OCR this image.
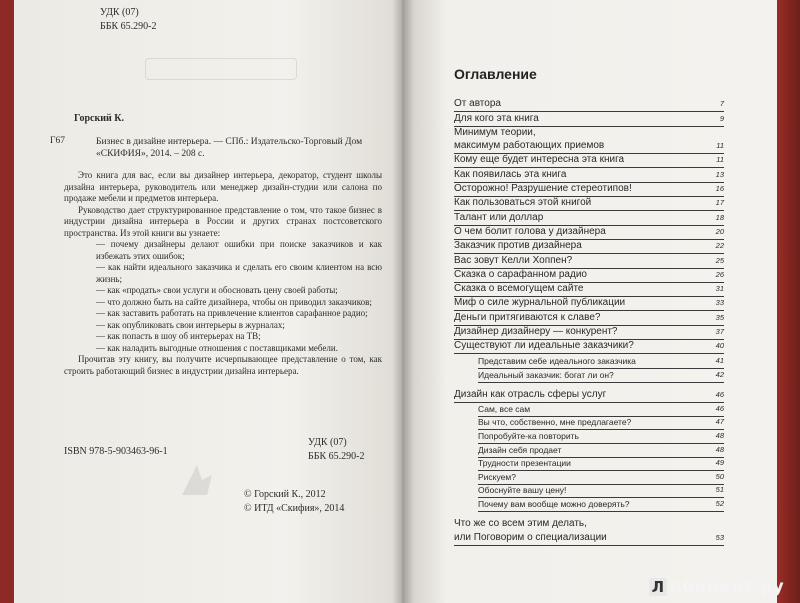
УДК (07)
ББК 65.290-2
Горский К.
Г67	Бизнес в дизайне интерьера. — СПб.: Издательско-Торговый Дом «СКИФИЯ», 2014. – 208 с.

Это книга для вас, если вы дизайнер интерьера, декоратор, студент школы дизайна интерьера, руководитель или менеджер дизайн-студии или салона по продаже мебели и предметов интерьера.

Руководство дает структурированное представление о том, что такое бизнес в индустрии дизайна интерьера в России и других странах постсоветского пространства. Из этой книги вы узнаете:

— почему дизайнеры делают ошибки при поиске заказчиков и как избежать этих ошибок;

— как найти идеального заказчика и сделать его своим клиентом на всю жизнь;

— как «продать» свои услуги и обосновать цену своей работы;

— что должно быть на сайте дизайнера, чтобы он приводил заказчиков;

— как заставить работать на привлечение клиентов сарафанное радио;

— как опубликовать свои интерьеры в журналах;

— как попасть в шоу об интерьерах на ТВ;

— как наладить выгодные отношения с поставщиками мебели.

Прочитав эту книгу, вы получите исчерпывающее представление о том, как строить работающий бизнес в индустрии дизайна интерьера.

ISBN 978-5-903463-96-1
УДК (07)
ББК 65.290-2
© Горский К., 2012
© ИТД «Скифия», 2014
Оглавление
От автора	7
Для кого эта книга	9
Минимум теории,
максимум работающих приемов	11
Кому еще будет интересна эта книга	11
Как появилась эта книга	13
Осторожно! Разрушение стереотипов!	16
Как пользоваться этой книгой	17
Талант или доллар	18
О чем болит голова у дизайнера	20
Заказчик против дизайнера	22
Вас зовут Келли Хоппен?	25
Сказка о сарафанном радио	26
Сказка о всемогущем сайте	31
Миф о силе журнальной публикации	33
Деньги притягиваются к славе?	35
Дизайнер дизайнеру — конкурент?	37
Существуют ли идеальные заказчики?	40
Представим себе идеального заказчика	41
Идеальный заказчик: богат ли он?	42
Дизайн как отрасль сферы услуг	46
Сам, все сам	46
Вы что, собственно, мне предлагаете?	47
Попробуйте-ка повторить	48
Дизайн себя продает	48
Трудности презентации	49
Рискуем?	50
Обоснуйте вашу цену!	51
Почему вам вообще можно доверять?	52
Что же со всем этим делать,
или Поговорим о специализации	53
Л абиринт.ру
